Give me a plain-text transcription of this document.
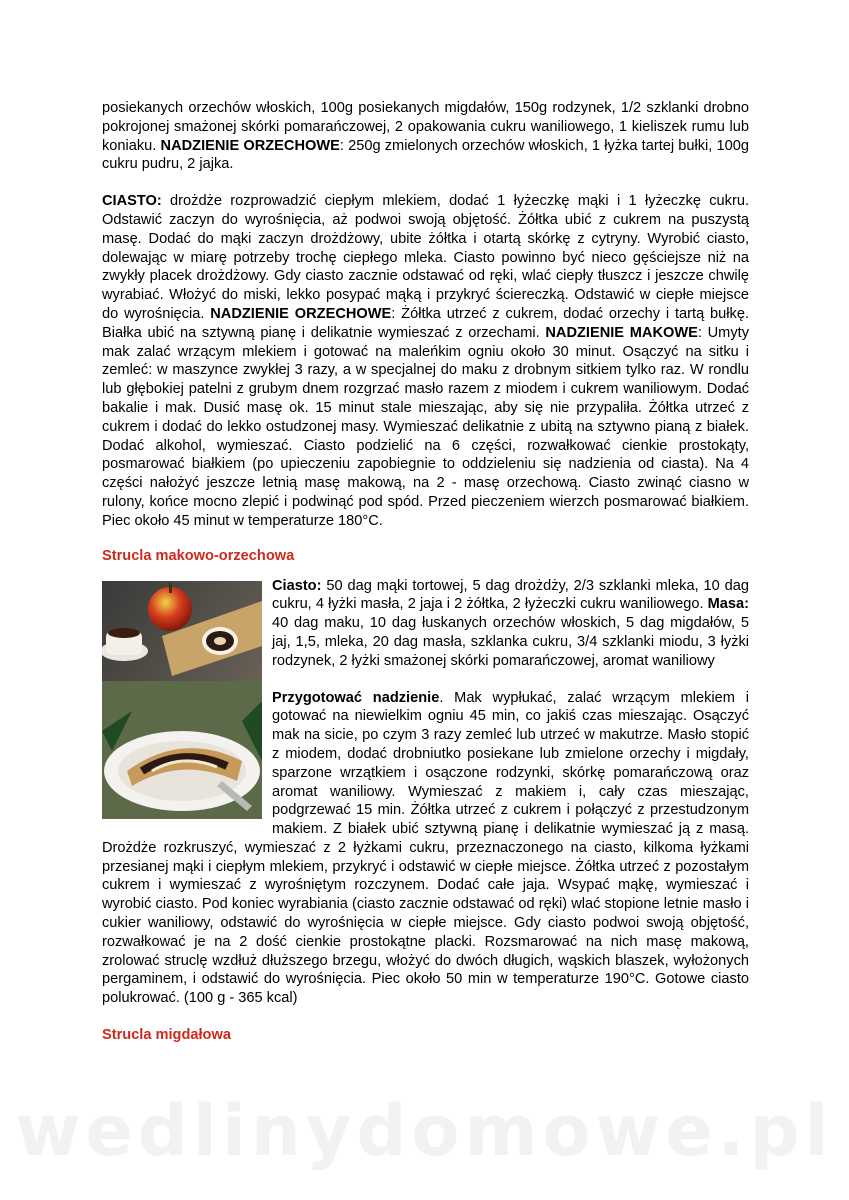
posiekanych orzechów włoskich, 100g posiekanych migdałów, 150g rodzynek, 1/2 szklanki drobno pokrojonej smażonej skórki pomarańczowej, 2 opakowania cukru waniliowego, 1 kieliszek rumu lub koniaku. NADZIENIE ORZECHOWE: 250g zmielonych orzechów włoskich, 1 łyżka tartej bułki, 100g cukru pudru, 2 jajka.

CIASTO: drożdże rozprowadzić ciepłym mlekiem, dodać 1 łyżeczkę mąki i 1 łyżeczkę cukru. Odstawić zaczyn do wyrośnięcia, aż podwoi swoją objętość. Żółtka ubić z cukrem na puszystą masę. Dodać do mąki zaczyn drożdżowy, ubite żółtka i otartą skórkę z cytryny. Wyrobić ciasto, dolewając w miarę potrzeby trochę ciepłego mleka. Ciasto powinno być nieco gęściejsze niż na zwykły placek drożdżowy. Gdy ciasto zacznie odstawać od ręki, wlać ciepły tłuszcz i jeszcze chwilę wyrabiać. Włożyć do miski, lekko posypać mąką i przykryć ściereczką. Odstawić w ciepłe miejsce do wyrośnięcia. NADZIENIE ORZECHOWE: Żółtka utrzeć z cukrem, dodać orzechy i tartą bułkę. Białka ubić na sztywną pianę i delikatnie wymieszać z orzechami. NADZIENIE MAKOWE: Umyty mak zalać wrzącym mlekiem i gotować na maleńkim ogniu około 30 minut. Osączyć na sitku i zemleć: w maszynce zwykłej 3 razy, a w specjalnej do maku z drobnym sitkiem tylko raz. W rondlu lub głębokiej patelni z grubym dnem rozgrzać masło razem z miodem i cukrem waniliowym. Dodać bakalie i mak. Dusić masę ok. 15 minut stale mieszając, aby się nie przypaliła. Żółtka utrzeć z cukrem i dodać do lekko ostudzonej masy. Wymieszać delikatnie z ubitą na sztywno pianą z białek. Dodać alkohol, wymieszać. Ciasto podzielić na 6 części, rozwałkować cienkie prostokąty, posmarować białkiem (po upieczeniu zapobiegnie to oddzieleniu się nadzienia od ciasta). Na 4 części nałożyć jeszcze letnią masę makową, na 2 - masę orzechową. Ciasto zwinąć ciasno w rulony, końce mocno zlepić i podwinąć pod spód. Przed pieczeniem wierzch posmarować białkiem. Piec około 45 minut w temperaturze 180°C.

Strucla makowo-orzechowa

Ciasto: 50 dag mąki tortowej, 5 dag drożdży, 2/3 szklanki mleka, 10 dag cukru, 4 łyżki masła, 2 jaja i 2 żółtka, 2 łyżeczki cukru waniliowego. Masa: 40 dag maku, 10 dag łuskanych orzechów włoskich, 5 dag migdałów, 5 jaj, 1,5, mleka, 20 dag masła, szklanka cukru, 3/4 szklanki miodu, 3 łyżki rodzynek, 2 łyżki smażonej skórki pomarańczowej, aromat waniliowy

Przygotować nadzienie. Mak wypłukać, zalać wrzącym mlekiem i gotować na niewielkim ogniu 45 min, co jakiś czas mieszając. Osączyć mak na sicie, po czym 3 razy zemleć lub utrzeć w makutrze. Masło stopić z miodem, dodać drobniutko posiekane lub zmielone orzechy i migdały, sparzone wrzątkiem i osączone rodzynki, skórkę pomarańczową oraz aromat waniliowy. Wymieszać z makiem i, cały czas mieszając, podgrzewać 15 min. Żółtka utrzeć z cukrem i połączyć z przestudzonym makiem. Z białek ubić sztywną pianę i delikatnie wymieszać ją z masą. Drożdże rozkruszyć, wymieszać z 2 łyżkami cukru, przeznaczonego na ciasto, kilkoma łyżkami przesianej mąki i ciepłym mlekiem, przykryć i odstawić w ciepłe miejsce. Żółtka utrzeć z pozostałym cukrem i wymieszać z wyrośniętym rozczynem. Dodać całe jaja. Wsypać mąkę, wymieszać i wyrobić ciasto. Pod koniec wyrabiania (ciasto zacznie odstawać od ręki) wlać stopione letnie masło i cukier waniliowy, odstawić do wyrośnięcia w ciepłe miejsce. Gdy ciasto podwoi swoją objętość, rozwałkować je na 2 dość cienkie prostokątne placki. Rozsmarować na nich masę makową, zrolować struclę wzdłuż dłuższego brzegu, włożyć do dwóch długich, wąskich blaszek, wyłożonych pergaminem, i odstawić do wyrośnięcia. Piec około 50 min w temperaturze 190°C. Gotowe ciasto polukrować. (100 g - 365 kcal)

Strucla migdałowa
wedlinydomowe.pl
